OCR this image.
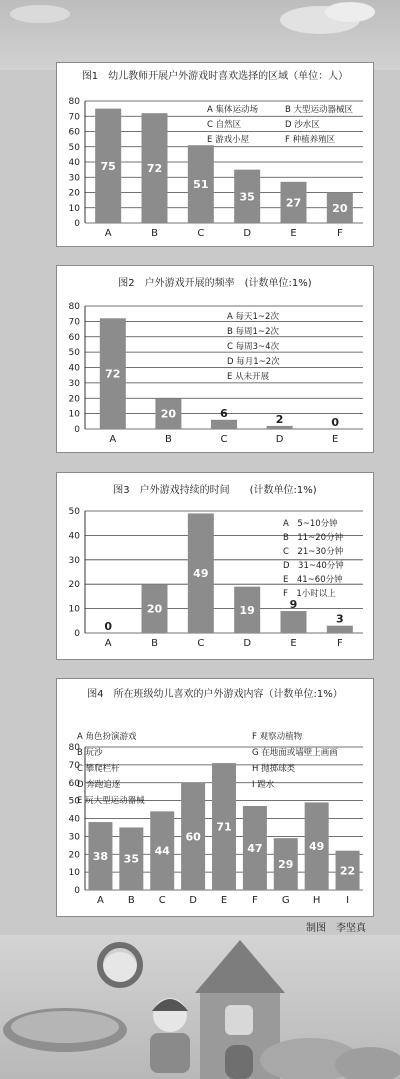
图1　幼儿教师开展户外游戏时喜欢选择的区域（单位：人）
0
10
20
30
40
50
60
70
80
75
A
72
B
51
C
35
D
27
E
20
F
A 集体运动场	B 大型运动器械区
C 自然区	D 沙水区
E 游戏小屋	F 种植养殖区
图2　户外游戏开展的频率　(计数单位:1%)
0
10
20
30
40
50
60
70
80
72
A
20
B
6
C
2
D
0
E
A 每天1~2次
B 每周1~2次
C 每周3~4次
D 每月1~2次
E 从未开展
图3　户外游戏持续的时间　　(计数单位:1%)
0
10
20
30
40
50
0
A
20
B
49
C
19
D
9
E
3
F
A　5~10分钟
B　11~20分钟
C　21~30分钟
D　31~40分钟
E　41~60分钟
F　1小时以上
图4　所在班级幼儿喜欢的户外游戏内容（计数单位:1%）
0
10
20
30
40
50
60
70
80
38
A
35
B
44
C
60
D
71
E
47
F
29
G
49
H
22
I
A 角色扮演游戏
B 玩沙
C 攀爬栏杆
D 奔跑追逐
E 玩大型运动器械
F 观察动植物
G 在地面或墙壁上画画
H 抛掷球类
I 蹚水
制图　李坚真
